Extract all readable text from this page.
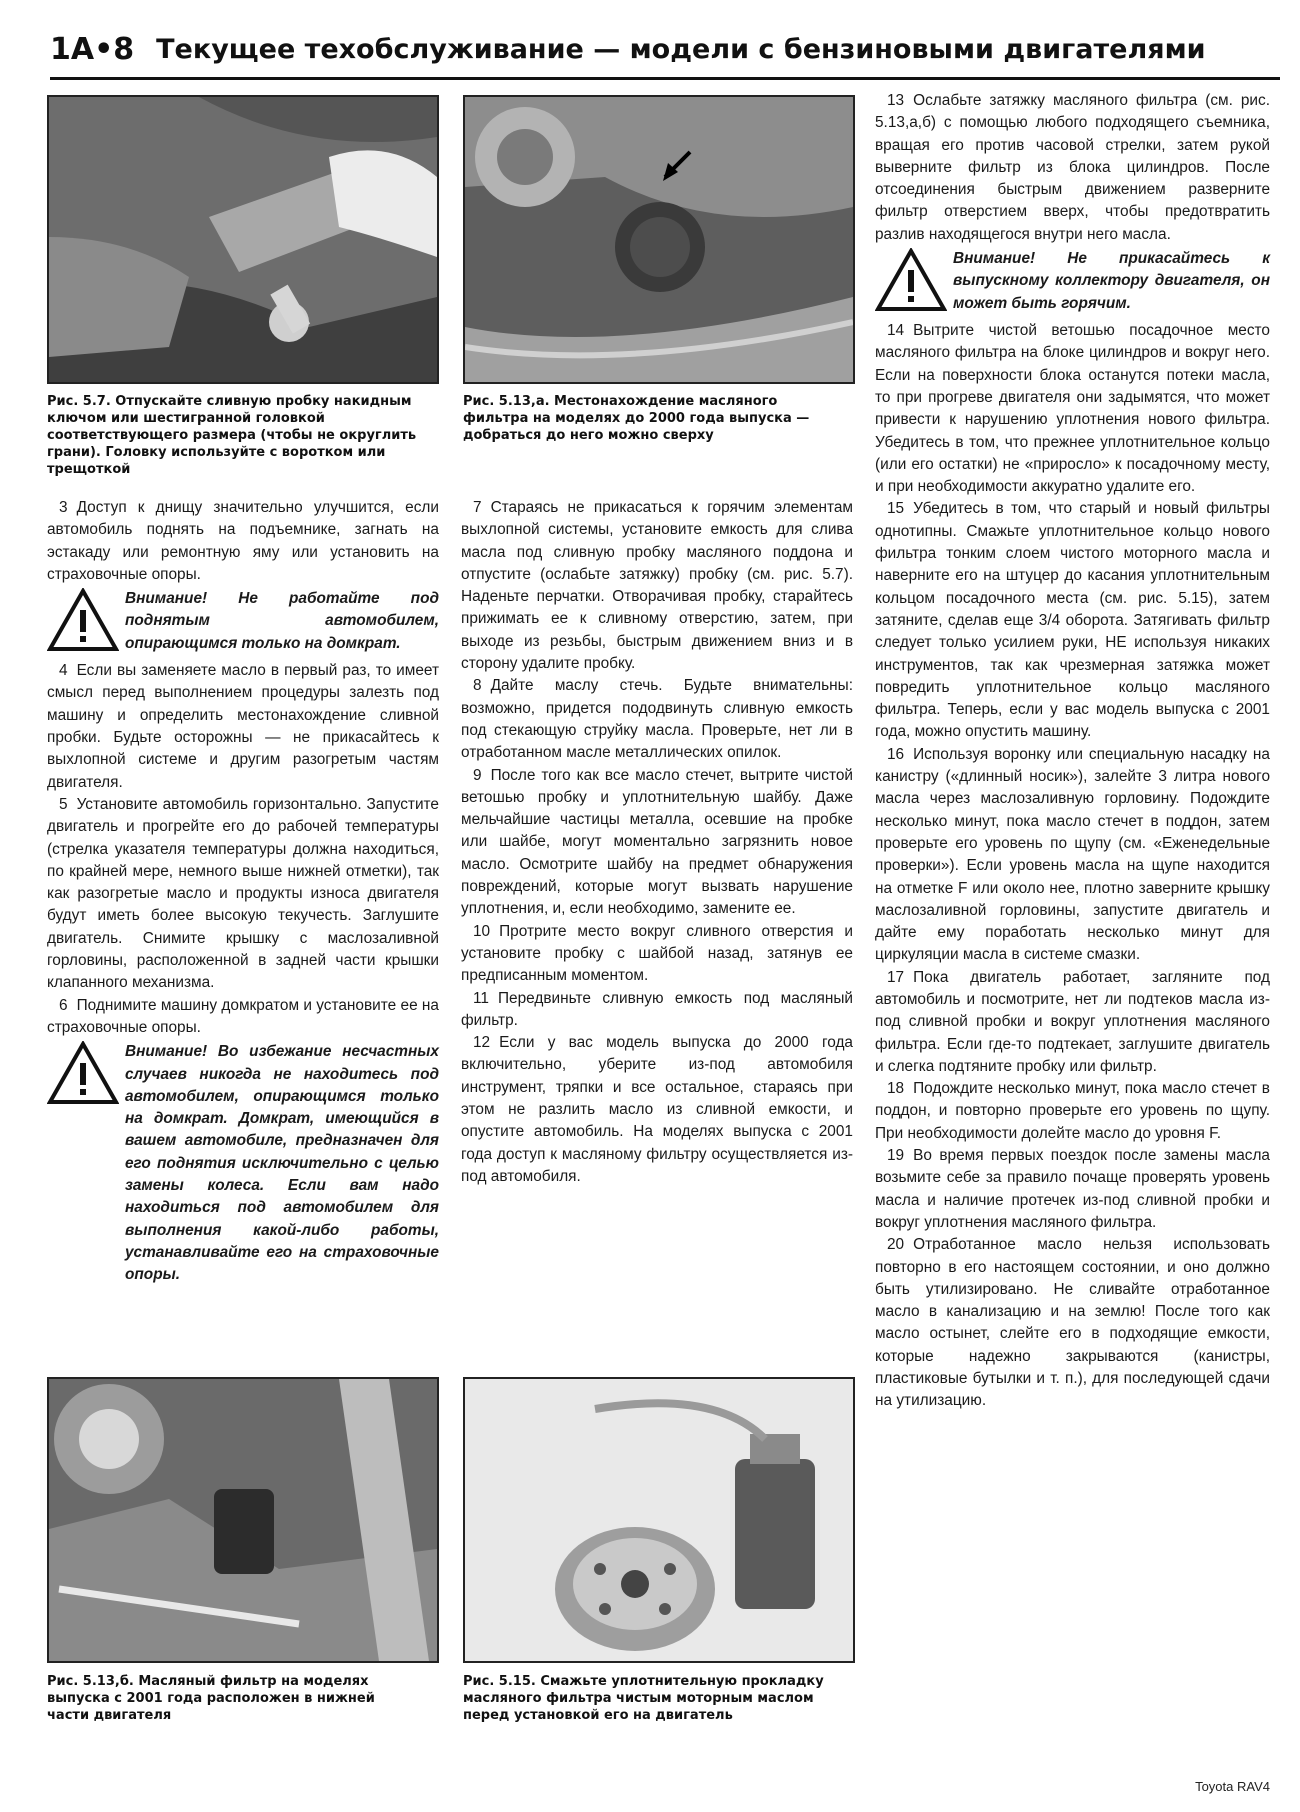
1A•8 Текущее техобслуживание — модели с бензиновыми двигателями
Рис. 5.7. Отпускайте сливную пробку накидным ключом или шестигранной головкой соответствующего размера (чтобы не округлить грани). Головку используйте с воротком или трещоткой
Рис. 5.13,а. Местонахождение масляного фильтра на моделях до 2000 года выпуска — добраться до него можно сверху

3 Доступ к днищу значительно улучшится, если автомобиль поднять на подъемнике, загнать на эстакаду или ремонтную яму или установить на страховочные опоры.

Внимание! Не работайте под поднятым автомобилем, опирающимся только на домкрат.

4 Если вы заменяете масло в первый раз, то имеет смысл перед выполнением процедуры залезть под машину и определить местонахождение сливной пробки. Будьте осторожны — не прикасайтесь к выхлопной системе и другим разогретым частям двигателя.

5 Установите автомобиль горизонтально. Запустите двигатель и прогрейте его до рабочей температуры (стрелка указателя температуры должна находиться, по крайней мере, немного выше нижней отметки), так как разогретые масло и продукты износа двигателя будут иметь более высокую текучесть. Заглушите двигатель. Снимите крышку с маслозаливной горловины, расположенной в задней части крышки клапанного механизма.

6 Поднимите машину домкратом и установите ее на страховочные опоры.

Внимание! Во избежание несчастных случаев никогда не находитесь под автомобилем, опирающимся только на домкрат. Домкрат, имеющийся в вашем автомобиле, предназначен для его поднятия исключительно с целью замены колеса. Если вам надо находиться под автомобилем для выполнения какой-либо работы, устанавливайте его на страховочные опоры.

7 Стараясь не прикасаться к горячим элементам выхлопной системы, установите емкость для слива масла под сливную пробку масляного поддона и отпустите (ослабьте затяжку) пробку (см. рис. 5.7). Наденьте перчатки. Отворачивая пробку, старайтесь прижимать ее к сливному отверстию, затем, при выходе из резьбы, быстрым движением вниз и в сторону удалите пробку.

8 Дайте маслу стечь. Будьте внимательны: возможно, придется пододвинуть сливную емкость под стекающую струйку масла. Проверьте, нет ли в отработанном масле металлических опилок.

9 После того как все масло стечет, вытрите чистой ветошью пробку и уплотнительную шайбу. Даже мельчайшие частицы металла, осевшие на пробке или шайбе, могут моментально загрязнить новое масло. Осмотрите шайбу на предмет обнаружения повреждений, которые могут вызвать нарушение уплотнения, и, если необходимо, замените ее.

10 Протрите место вокруг сливного отверстия и установите пробку с шайбой назад, затянув ее предписанным моментом.

11 Передвиньте сливную емкость под масляный фильтр.

12 Если у вас модель выпуска до 2000 года включительно, уберите из-под автомобиля инструмент, тряпки и все остальное, стараясь при этом не разлить масло из сливной емкости, и опустите автомобиль. На моделях выпуска с 2001 года доступ к масляному фильтру осуществляется из-под автомобиля.

Рис. 5.13,б. Масляный фильтр на моделях выпуска с 2001 года расположен в нижней части двигателя
Рис. 5.15. Смажьте уплотнительную прокладку масляного фильтра чистым моторным маслом перед установкой его на двигатель

13 Ослабьте затяжку масляного фильтра (см. рис. 5.13,а,б) с помощью любого подходящего съемника, вращая его против часовой стрелки, затем рукой выверните фильтр из блока цилиндров. После отсоединения быстрым движением разверните фильтр отверстием вверх, чтобы предотвратить разлив находящегося внутри него масла.

Внимание! Не прикасайтесь к выпускному коллектору двигателя, он может быть горячим.

14 Вытрите чистой ветошью посадочное место масляного фильтра на блоке цилиндров и вокруг него. Если на поверхности блока останутся потеки масла, то при прогреве двигателя они задымятся, что может привести к нарушению уплотнения нового фильтра. Убедитесь в том, что прежнее уплотнительное кольцо (или его остатки) не «приросло» к посадочному месту, и при необходимости аккуратно удалите его.

15 Убедитесь в том, что старый и новый фильтры однотипны. Смажьте уплотнительное кольцо нового фильтра тонким слоем чистого моторного масла и наверните его на штуцер до касания уплотнительным кольцом посадочного места (см. рис. 5.15), затем затяните, сделав еще 3/4 оборота. Затягивать фильтр следует только усилием руки, НЕ используя никаких инструментов, так как чрезмерная затяжка может повредить уплотнительное кольцо масляного фильтра. Теперь, если у вас модель выпуска с 2001 года, можно опустить машину.

16 Используя воронку или специальную насадку на канистру («длинный носик»), залейте 3 литра нового масла через маслозаливную горловину. Подождите несколько минут, пока масло стечет в поддон, затем проверьте его уровень по щупу (см. «Еженедельные проверки»). Если уровень масла на щупе находится на отметке F или около нее, плотно заверните крышку маслозаливной горловины, запустите двигатель и дайте ему поработать несколько минут для циркуляции масла в системе смазки.

17 Пока двигатель работает, загляните под автомобиль и посмотрите, нет ли подтеков масла из-под сливной пробки и вокруг уплотнения масляного фильтра. Если где-то подтекает, заглушите двигатель и слегка подтяните пробку или фильтр.

18 Подождите несколько минут, пока масло стечет в поддон, и повторно проверьте его уровень по щупу. При необходимости долейте масло до уровня F.

19 Во время первых поездок после замены масла возьмите себе за правило почаще проверять уровень масла и наличие протечек из-под сливной пробки и вокруг уплотнения масляного фильтра.

20 Отработанное масло нельзя использовать повторно в его настоящем состоянии, и оно должно быть утилизировано. Не сливайте отработанное масло в канализацию и на землю! После того как масло остынет, слейте его в подходящие емкости, которые надежно закрываются (канистры, пластиковые бутылки и т. п.), для последующей сдачи на утилизацию.

Toyota RAV4
